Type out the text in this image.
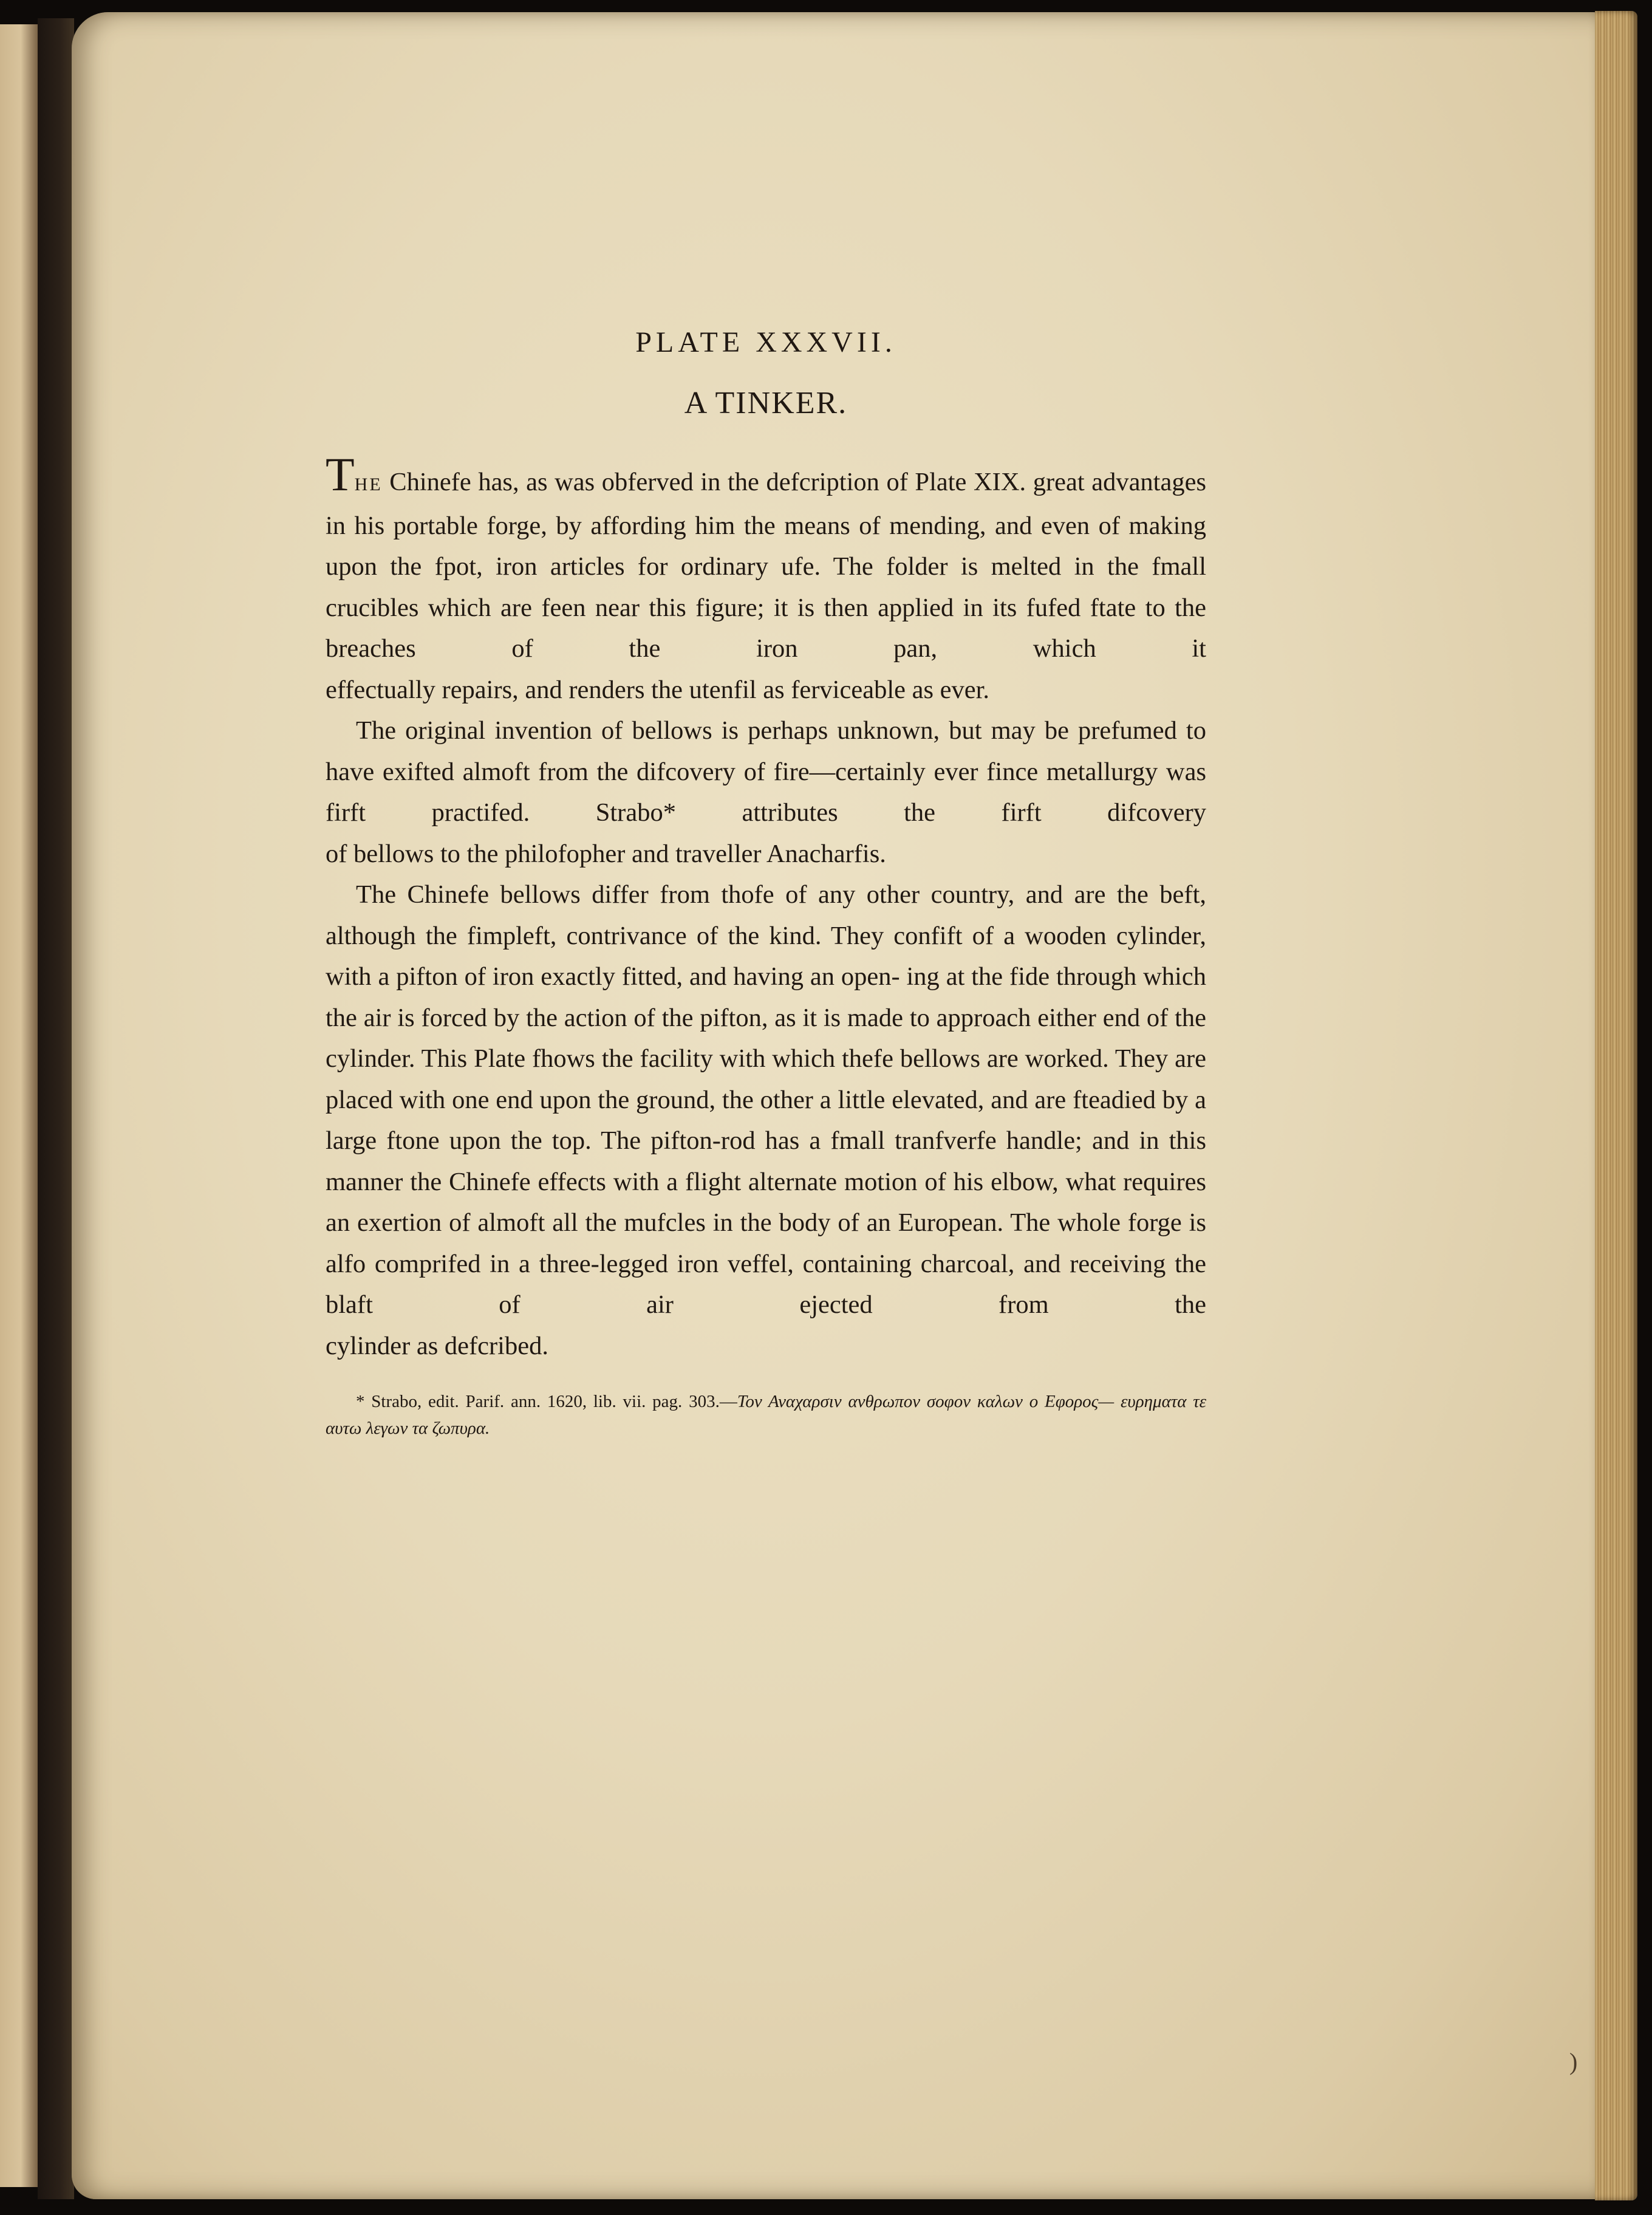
PLATE XXXVII.
A TINKER.
THE Chinefe has, as was obferved in the defcription of Plate XIX. great advantages in his portable forge, by affording him the means of mending, and even of making upon the fpot, iron articles for ordinary ufe. The folder is melted in the fmall crucibles which are feen near this figure; it is then applied in its fufed ftate to the breaches of the iron pan, which it
effectually repairs, and renders the utenfil as ferviceable as ever.
The original invention of bellows is perhaps unknown, but may be prefumed to have exifted almoft from the difcovery of fire—certainly ever fince metallurgy was firft practifed. Strabo* attributes the firft difcovery
of bellows to the philofopher and traveller Anacharfis.
The Chinefe bellows differ from thofe of any other country, and are the beft, although the fimpleft, contrivance of the kind. They confift of a wooden cylinder, with a pifton of iron exactly fitted, and having an open- ing at the fide through which the air is forced by the action of the pifton, as it is made to approach either end of the cylinder. This Plate fhows the facility with which thefe bellows are worked. They are placed with one end upon the ground, the other a little elevated, and are fteadied by a large ftone upon the top. The pifton-rod has a fmall tranfverfe handle; and in this manner the Chinefe effects with a flight alternate motion of his elbow, what requires an exertion of almoft all the mufcles in the body of an European. The whole forge is alfo comprifed in a three-legged iron veffel, containing charcoal, and receiving the blaft of air ejected from the
cylinder as defcribed.
* Strabo, edit. Parif. ann. 1620, lib. vii. pag. 303.—Τον Αναχαρσιν ανθρωπον σοφον καλων ο Εφορος— ευρηματα τε αυτω λεγων τα ζωπυρα.
)
